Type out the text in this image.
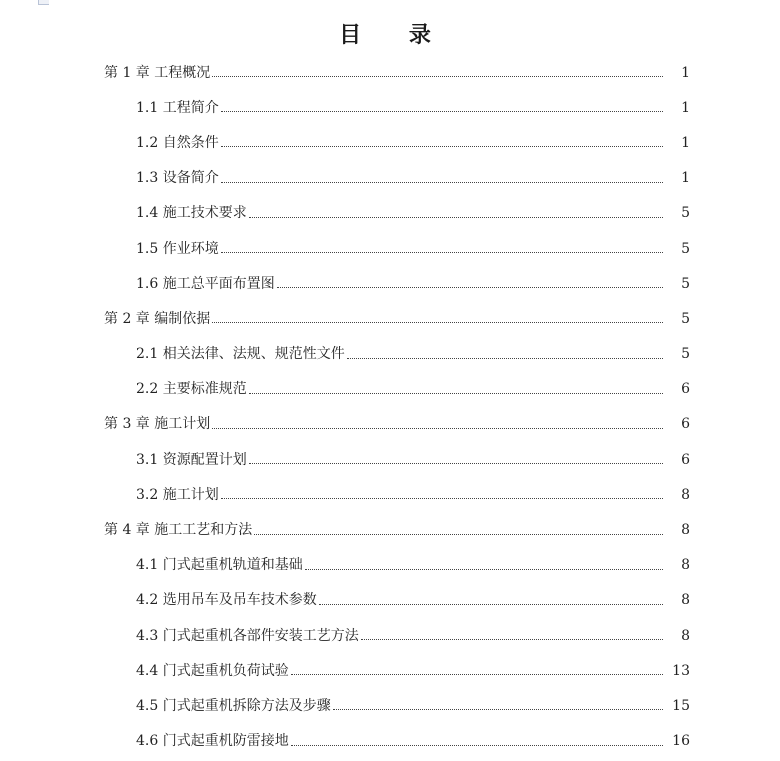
目 录
第 1 章 工程概况	1
1.1 工程简介	1
1.2 自然条件	1
1.3 设备简介	1
1.4 施工技术要求	5
1.5 作业环境	5
1.6 施工总平面布置图	5
第 2 章 编制依据	5
2.1 相关法律、法规、规范性文件	5
2.2 主要标准规范	6
第 3 章 施工计划	6
3.1 资源配置计划	6
3.2 施工计划	8
第 4 章 施工工艺和方法	8
4.1 门式起重机轨道和基础	8
4.2 选用吊车及吊车技术参数	8
4.3 门式起重机各部件安装工艺方法	8
4.4 门式起重机负荷试验	13
4.5 门式起重机拆除方法及步骤	15
4.6 门式起重机防雷接地	16
